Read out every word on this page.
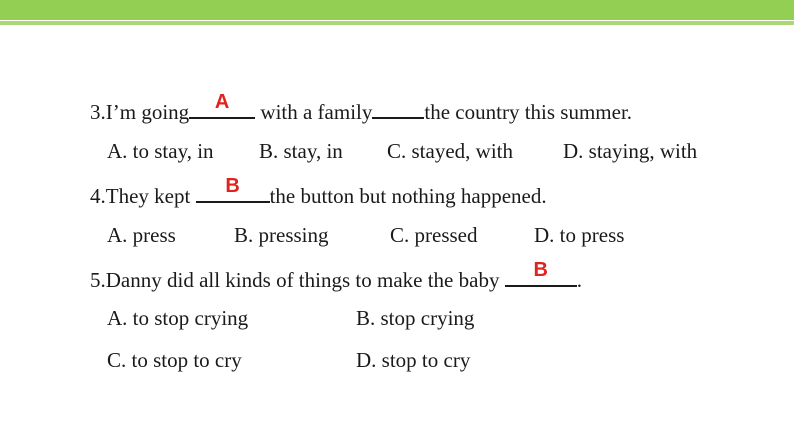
3.I’m going	A	with a family the country this summer.
A. to stay, in B. stay, in C. stayed, with D. staying, with
4.They kept	B	the button but nothing happened.
A. press	B. pressing	C. pressed	D. to press
5.Danny did all kinds of things to make the baby	B	.
A. to stop crying	B. stop crying
C. to stop to cry	D. stop to cry
